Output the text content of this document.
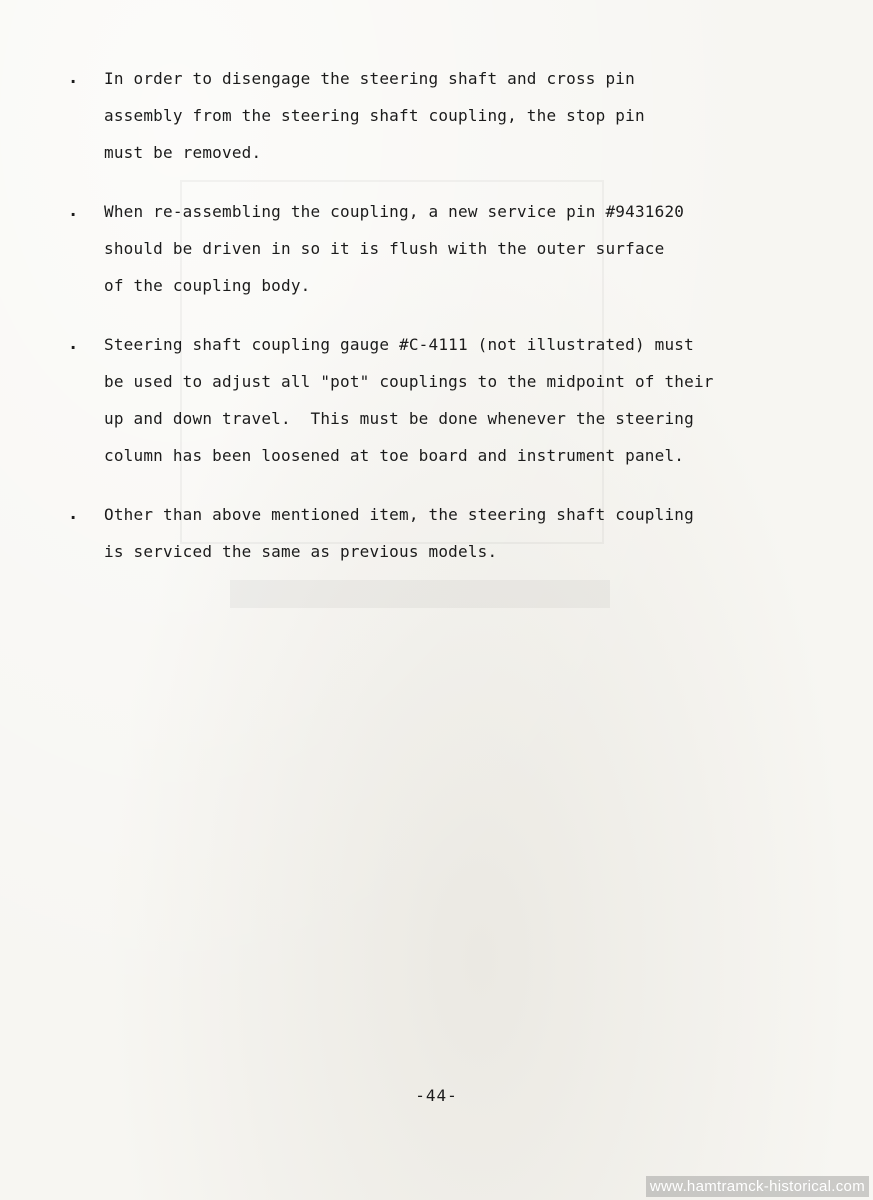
. In order to disengage the steering shaft and cross pin
assembly from the steering shaft coupling, the stop pin
must be removed.
. When re-assembling the coupling, a new service pin #9431620
should be driven in so it is flush with the outer surface
of the coupling body.
. Steering shaft coupling gauge #C-4111 (not illustrated) must
be used to adjust all "pot" couplings to the midpoint of their
up and down travel.  This must be done whenever the steering
column has been loosened at toe board and instrument panel.
. Other than above mentioned item, the steering shaft coupling
is serviced the same as previous models.
-44-
www.hamtramck-historical.com
